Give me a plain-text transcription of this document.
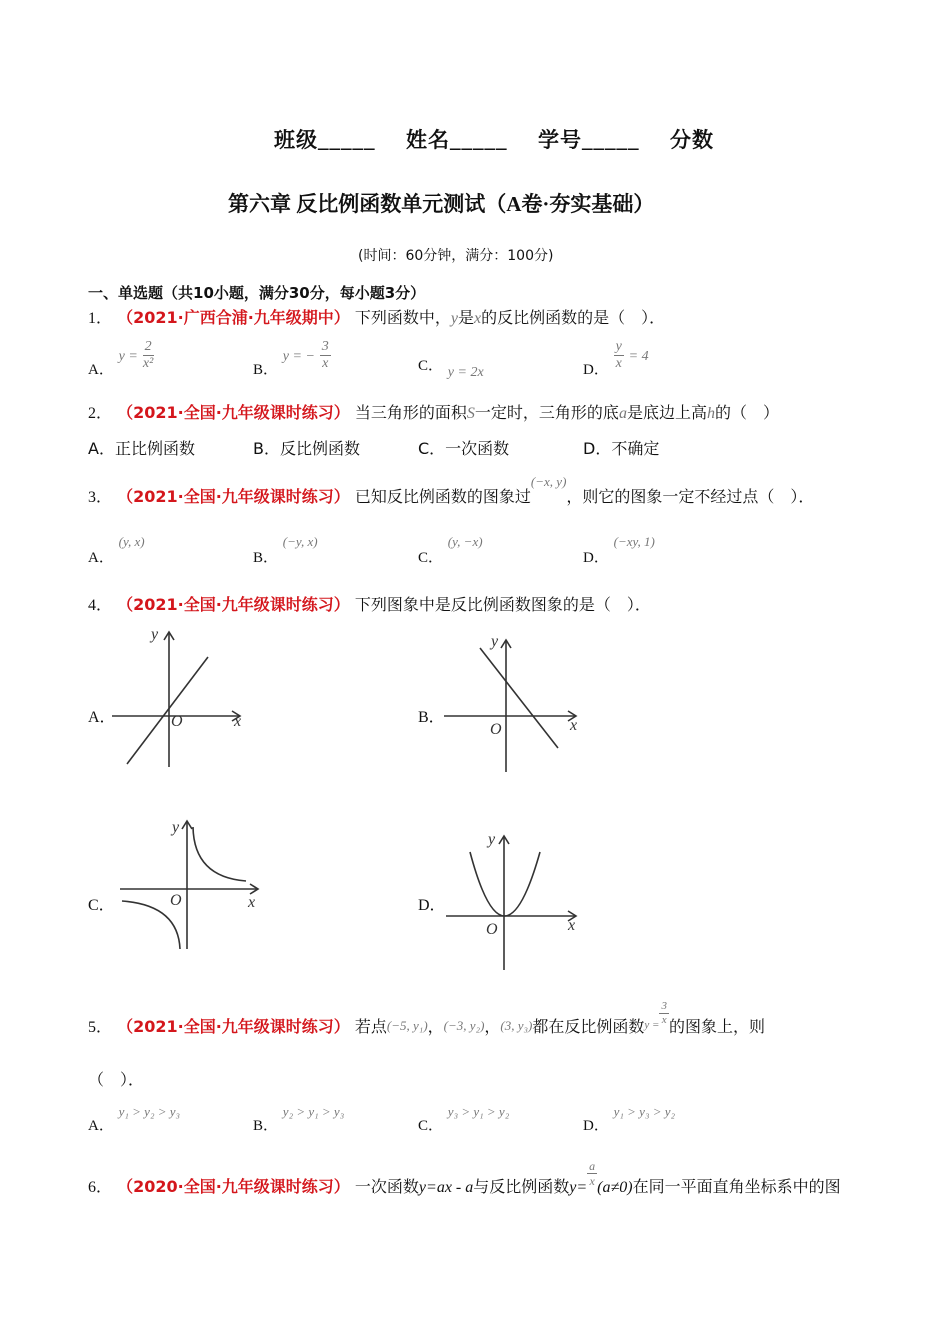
班级_____ 姓名_____ 学号_____ 分数
第六章 反比例函数单元测试（A卷·夯实基础）
(时间：60分钟，满分：100分)
一、单选题（共10小题，满分30分，每小题3分）
1． （2021·广西合浦·九年级期中） 下列函数中，y是x的反比例函数的是（　）．
A． $y = \frac{2}{\text{x²}}$	B． y = − $\frac{3}{x}$	C． y = 2x	D． $\frac{y}{x} = 4$
2． （2021·全国·九年级课时练习） 当三角形的面积S一定时，三角形的底a是底边上高h的（　）
A．正比例函数	B．反比例函数	C．一次函数	D．不确定
3． （2021·全国·九年级课时练习） 已知反比例函数的图象过(−x, y)，则它的图象一定不经过点（　）．
A． (y, x)
B． (−y, x)
C． (y, −x)
D． (−xy, 1)
4． （2021·全国·九年级课时练习） 下列图象中是反比例函数图象的是（　）．
A．	B．
C．	D．
y
x
O
y
x
O
y
x
O
y
x
O
5． （2021·全国·九年级课时练习） 若点$_{(-5, y_1)}$，$_{(-3, y_2)}$，$_{(3, y_3)}$都在反比例函数$_{y =} \frac{3}{x}$
的图象上，则
（　）．
A． y₁ > y₂ > y₃
B． y₂ > y₁ > y₃
C． y₃ > y₁ > y₂
D． y₁ > y₃ > y₂
6． （2020·全国·九年级课时练习） 一次函数y=ax - a与反比例函数y=
$\frac{a}{x}$
(a≠0)在同一平面直角坐标系中的图
